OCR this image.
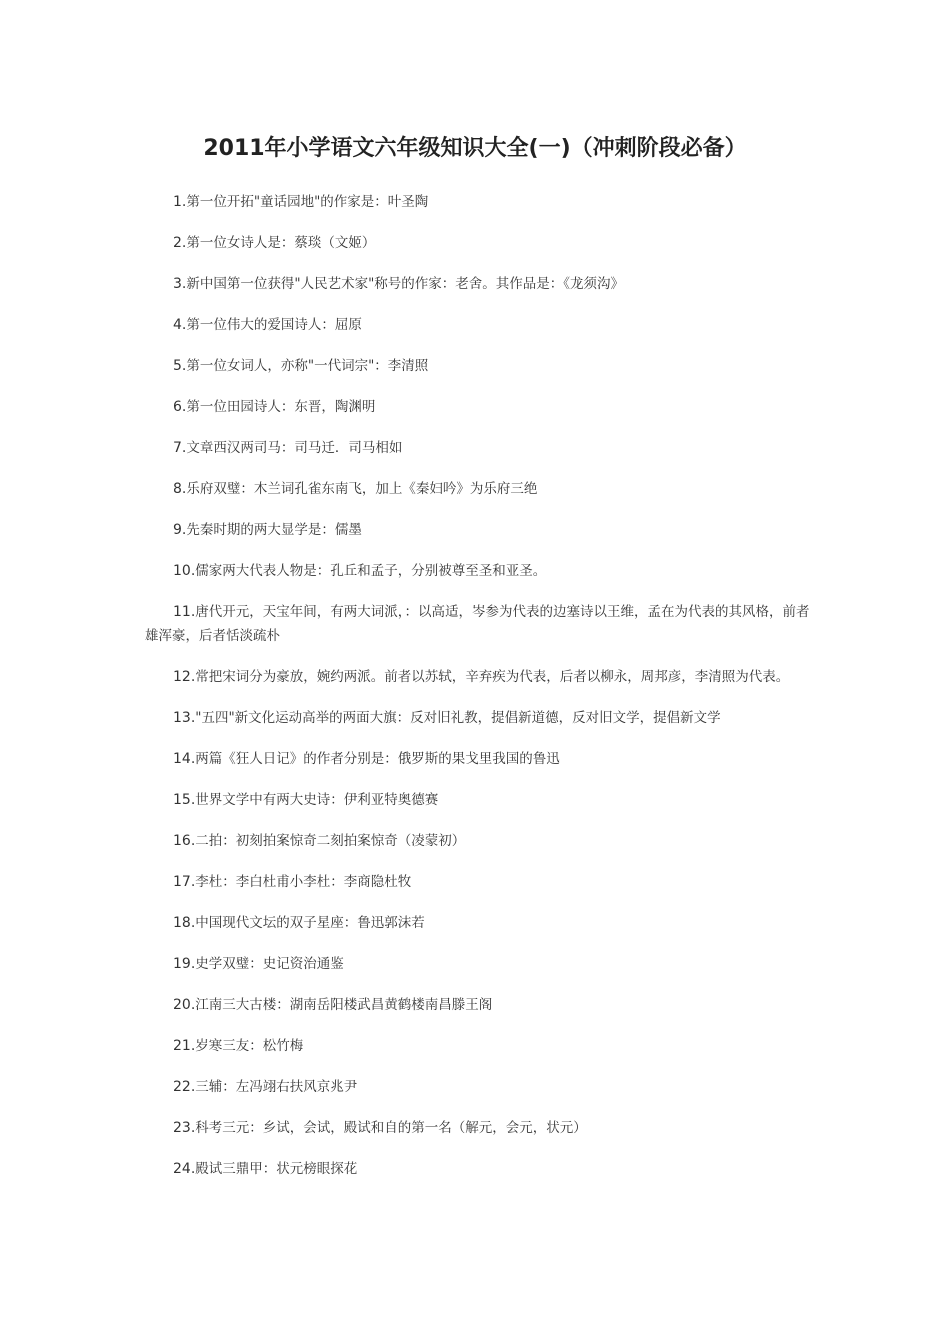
2011年小学语文六年级知识大全(一)（冲刺阶段必备）

1.第一位开拓"童话园地"的作家是：叶圣陶

2.第一位女诗人是：蔡琰（文姬）

3.新中国第一位获得"人民艺术家"称号的作家：老舍。其作品是：《龙须沟》

4.第一位伟大的爱国诗人：屈原

5.第一位女词人，亦称"一代词宗"：李清照

6.第一位田园诗人：东晋，陶渊明

7.文章西汉两司马：司马迁．司马相如

8.乐府双璧：木兰词孔雀东南飞，加上《秦妇吟》为乐府三绝

9.先秦时期的两大显学是：儒墨

10.儒家两大代表人物是：孔丘和孟子，分别被尊至圣和亚圣。

11.唐代开元，天宝年间，有两大词派，：以高适，岑参为代表的边塞诗以王维，孟在为代表的其风格，前者雄浑豪，后者恬淡疏朴

12.常把宋词分为豪放，婉约两派。前者以苏轼，辛弃疾为代表，后者以柳永，周邦彦，李清照为代表。

13."五四"新文化运动高举的两面大旗：反对旧礼教，提倡新道德，反对旧文学，提倡新文学

14.两篇《狂人日记》的作者分别是：俄罗斯的果戈里我国的鲁迅

15.世界文学中有两大史诗：伊利亚特奥德赛

16.二拍：初刻拍案惊奇二刻拍案惊奇（凌蒙初）

17.李杜：李白杜甫小李杜：李商隐杜牧

18.中国现代文坛的双子星座：鲁迅郭沫若

19.史学双璧：史记资治通鉴

20.江南三大古楼：湖南岳阳楼武昌黄鹤楼南昌滕王阁

21.岁寒三友：松竹梅

22.三辅：左冯翊右扶风京兆尹

23.科考三元：乡试，会试，殿试和自的第一名（解元，会元，状元）

24.殿试三鼎甲：状元榜眼探花
